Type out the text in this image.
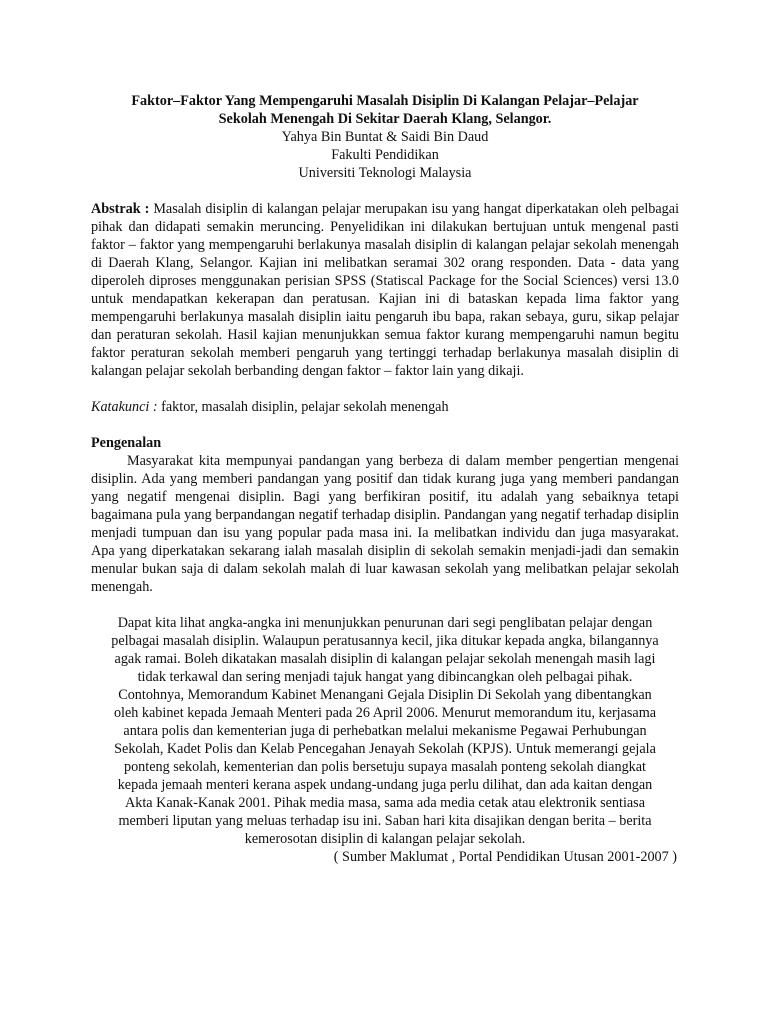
Faktor–Faktor Yang Mempengaruhi Masalah Disiplin Di Kalangan Pelajar–Pelajar
Sekolah Menengah Di Sekitar Daerah Klang, Selangor.
Yahya Bin Buntat & Saidi Bin Daud
Fakulti Pendidikan
Universiti Teknologi Malaysia
Abstrak : Masalah disiplin di kalangan pelajar merupakan isu yang hangat diperkatakan oleh pelbagai pihak dan didapati semakin meruncing. Penyelidikan ini dilakukan bertujuan untuk mengenal pasti faktor – faktor yang mempengaruhi berlakunya masalah disiplin di kalangan pelajar sekolah menengah di Daerah Klang, Selangor. Kajian ini melibatkan seramai 302 orang responden. Data - data yang diperoleh diproses menggunakan perisian SPSS (Statiscal Package for the Social Sciences) versi 13.0 untuk mendapatkan kekerapan dan peratusan. Kajian ini di bataskan kepada lima faktor yang mempengaruhi berlakunya masalah disiplin iaitu pengaruh ibu bapa, rakan sebaya, guru, sikap pelajar dan peraturan sekolah. Hasil kajian menunjukkan semua faktor kurang mempengaruhi namun begitu faktor peraturan sekolah memberi pengaruh yang tertinggi terhadap berlakunya masalah disiplin di kalangan pelajar sekolah berbanding dengan faktor – faktor lain yang dikaji.
Katakunci : faktor, masalah disiplin, pelajar sekolah menengah
Pengenalan
Masyarakat kita mempunyai pandangan yang berbeza di dalam member pengertian mengenai disiplin. Ada yang memberi pandangan yang positif dan tidak kurang juga yang memberi pandangan yang negatif mengenai disiplin. Bagi yang berfikiran positif, itu adalah yang sebaiknya tetapi bagaimana pula yang berpandangan negatif terhadap disiplin. Pandangan yang negatif terhadap disiplin menjadi tumpuan dan isu yang popular pada masa ini. Ia melibatkan individu dan juga masyarakat. Apa yang diperkatakan sekarang ialah masalah disiplin di sekolah semakin menjadi-jadi dan semakin menular bukan saja di dalam sekolah malah di luar kawasan sekolah yang melibatkan pelajar sekolah menengah.
Dapat kita lihat angka-angka ini menunjukkan penurunan dari segi penglibatan pelajar dengan
pelbagai masalah disiplin. Walaupun peratusannya kecil, jika ditukar kepada angka, bilangannya
agak ramai. Boleh dikatakan masalah disiplin di kalangan pelajar sekolah menengah masih lagi
tidak terkawal dan sering menjadi tajuk hangat yang dibincangkan oleh pelbagai pihak.
Contohnya, Memorandum Kabinet Menangani Gejala Disiplin Di Sekolah yang dibentangkan
oleh kabinet kepada Jemaah Menteri pada 26 April 2006. Menurut memorandum itu, kerjasama
antara polis dan kementerian juga di perhebatkan melalui mekanisme Pegawai Perhubungan
Sekolah, Kadet Polis dan Kelab Pencegahan Jenayah Sekolah (KPJS). Untuk memerangi gejala
ponteng sekolah, kementerian dan polis bersetuju supaya masalah ponteng sekolah diangkat
kepada jemaah menteri kerana aspek undang-undang juga perlu dilihat, dan ada kaitan dengan
Akta Kanak-Kanak 2001. Pihak media masa, sama ada media cetak atau elektronik sentiasa
memberi liputan yang meluas terhadap isu ini. Saban hari kita disajikan dengan berita – berita
kemerosotan disiplin di kalangan pelajar sekolah.
( Sumber Maklumat , Portal Pendidikan Utusan 2001-2007 )
